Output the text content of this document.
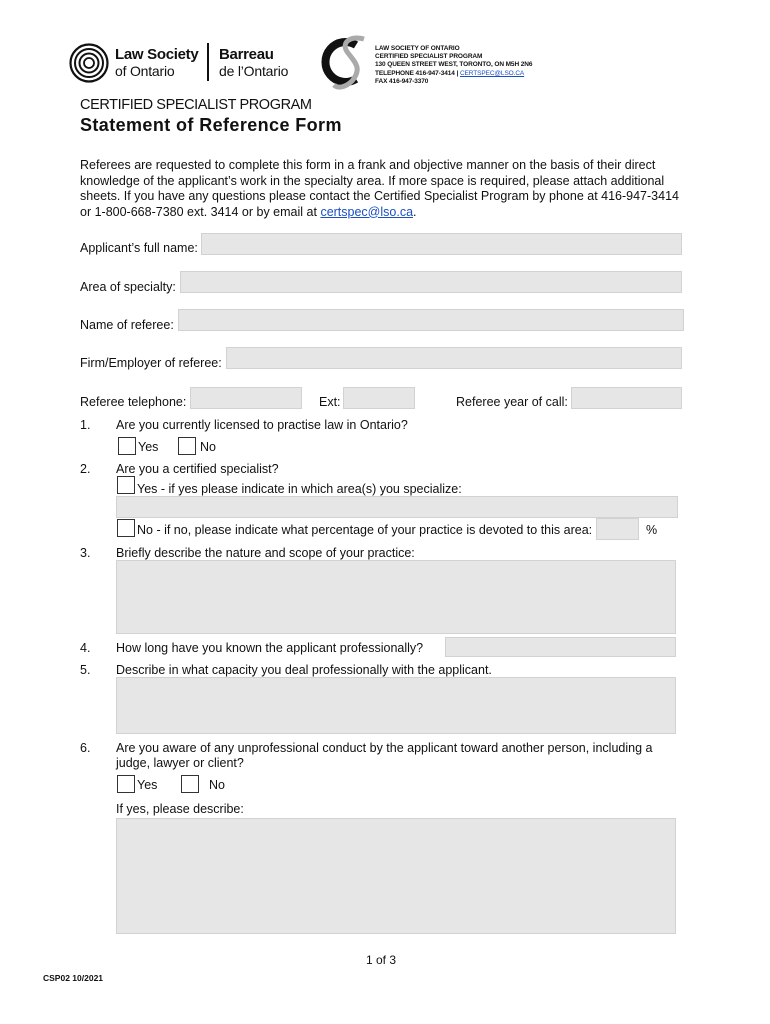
Law Society
of Ontario
Barreau
de l’Ontario
LAW SOCIETY OF ONTARIO
CERTIFIED SPECIALIST PROGRAM
130 QUEEN STREET WEST, TORONTO, ON M5H 2N6
TELEPHONE 416-947-3414 | CERTSPEC@LSO.CA
FAX 416-947-3370
CERTIFIED SPECIALIST PROGRAM
Statement of Reference Form
Referees are requested to complete this form in a frank and objective manner on the basis of their direct knowledge of the applicant’s work in the specialty area. If more space is required, please attach additional sheets. If you have any questions please contact the Certified Specialist Program by phone at 416-947-3414 or 1-800-668-7380 ext. 3414 or by email at certspec@lso.ca.
Applicant’s full name:
Area of specialty:
Name of referee:
Firm/Employer of referee:
Referee telephone:	Ext:	Referee year of call:
1. Are you currently licensed to practise law in Ontario?
Yes	No
2. Are you a certified specialist?
Yes - if yes please indicate in which area(s) you specialize:
No - if no, please indicate what percentage of your practice is devoted to this area:	%
3. Briefly describe the nature and scope of your practice:
4. How long have you known the applicant professionally?
5. Describe in what capacity you deal professionally with the applicant.
6. Are you aware of any unprofessional conduct by the applicant toward another person, including a
judge, lawyer or client?
Yes	No
If yes, please describe:
1 of 3
CSP02 10/2021
